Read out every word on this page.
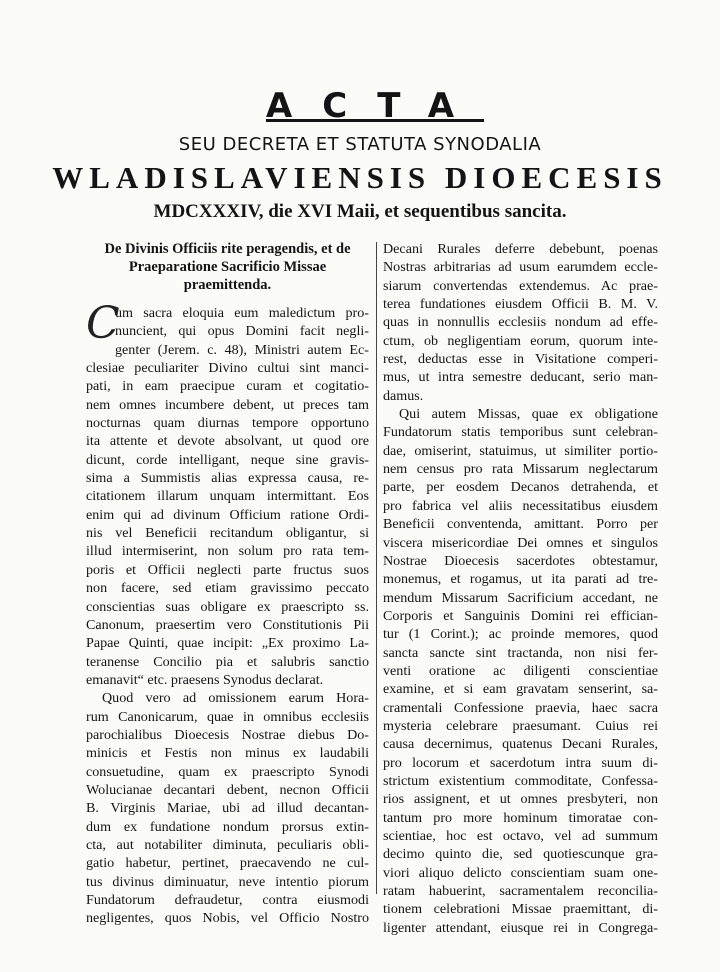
ACTA
SEU DECRETA ET STATUTA SYNODALIA
WLADISLAVIENSIS DIOECESIS
MDCXXXIV, die XVI Maii, et sequentibus sancita.
De Divinis Officiis rite peragendis, et de Praeparatione Sacrificio Missae praemittenda.
C
um sacra eloquia eum maledictum pro-
nuncient, qui opus Domini facit negli-
genter (Jerem. c. 48), Ministri autem Ec-
clesiae peculiariter Divino cultui sint manci-
pati, in eam praecipue curam et cogitatio-
nem omnes incumbere debent, ut preces tam
nocturnas quam diurnas tempore opportuno
ita attente et devote absolvant, ut quod ore
dicunt, corde intelligant, neque sine gravis-
sima a Summistis alias expressa causa, re-
citationem illarum unquam intermittant. Eos
enim qui ad divinum Officium ratione Ordi-
nis vel Beneficii recitandum obligantur, si
illud intermiserint, non solum pro rata tem-
poris et Officii neglecti parte fructus suos
non facere, sed etiam gravissimo peccato
conscientias suas obligare ex praescripto ss.
Canonum, praesertim vero Constitutionis Pii
Papae Quinti, quae incipit: „Ex proximo La-
teranense Concilio pia et salubris sanctio
emanavit“ etc. praesens Synodus declarat.
Quod vero ad omissionem earum Hora-
rum Canonicarum, quae in omnibus ecclesiis
parochialibus Dioecesis Nostrae diebus Do-
minicis et Festis non minus ex laudabili
consuetudine, quam ex praescripto Synodi
Wolucianae decantari debent, necnon Officii
B. Virginis Mariae, ubi ad illud decantan-
dum ex fundatione nondum prorsus extin-
cta, aut notabiliter diminuta, peculiaris obli-
gatio habetur, pertinet, praecavendo ne cul-
tus divinus diminuatur, neve intentio piorum
Fundatorum defraudetur, contra eiusmodi
negligentes, quos Nobis, vel Officio Nostro
Decani Rurales deferre debebunt, poenas
Nostras arbitrarias ad usum earumdem eccle-
siarum convertendas extendemus. Ac prae-
terea fundationes eiusdem Officii B. M. V.
quas in nonnullis ecclesiis nondum ad effe-
ctum, ob negligentiam eorum, quorum inte-
rest, deductas esse in Visitatione comperi-
mus, ut intra semestre deducant, serio man-
damus.
Qui autem Missas, quae ex obligatione
Fundatorum statis temporibus sunt celebran-
dae, omiserint, statuimus, ut similiter portio-
nem census pro rata Missarum neglectarum
parte, per eosdem Decanos detrahenda, et
pro fabrica vel aliis necessitatibus eiusdem
Beneficii conventenda, amittant. Porro per
viscera misericordiae Dei omnes et singulos
Nostrae Dioecesis sacerdotes obtestamur,
monemus, et rogamus, ut ita parati ad tre-
mendum Missarum Sacrificium accedant, ne
Corporis et Sanguinis Domini rei effician-
tur (1 Corint.); ac proinde memores, quod
sancta sancte sint tractanda, non nisi fer-
venti oratione ac diligenti conscientiae
examine, et si eam gravatam senserint, sa-
cramentali Confessione praevia, haec sacra
mysteria celebrare praesumant. Cuius rei
causa decernimus, quatenus Decani Rurales,
pro locorum et sacerdotum intra suum di-
strictum existentium commoditate, Confessa-
rios assignent, et ut omnes presbyteri, non
tantum pro more hominum timoratae con-
scientiae, hoc est octavo, vel ad summum
decimo quinto die, sed quotiescunque gra-
viori aliquo delicto conscientiam suam one-
ratam habuerint, sacramentalem reconcilia-
tionem celebrationi Missae praemittant, di-
ligenter attendant, eiusque rei in Congrega-
